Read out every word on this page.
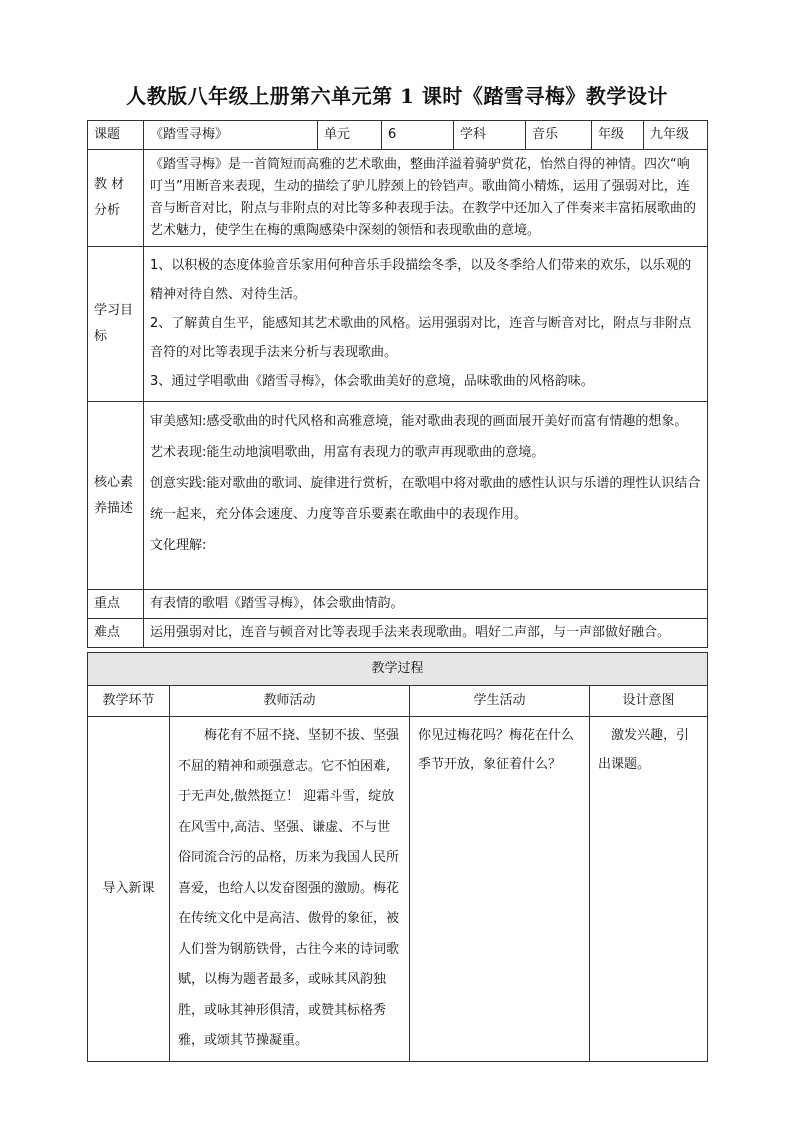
人教版八年级上册第六单元第 1 课时《踏雪寻梅》教学设计
课题	《踏雪寻梅》	单元	6	学科	音乐	年级	九年级
教 材分析	《踏雪寻梅》是一首简短而高雅的艺术歌曲，整曲洋溢着骑驴赏花，怡然自得的神情。四次“响叮当”用断音来表现，生动的描绘了驴儿脖颈上的铃铛声。歌曲简小精炼，运用了强弱对比，连音与断音对比，附点与非附点的对比等多种表现手法。在教学中还加入了伴奏来丰富拓展歌曲的艺术魅力，使学生在梅的熏陶感染中深刻的领悟和表现歌曲的意境。						
学习目标	1、以积极的态度体验音乐家用何种音乐手段描绘冬季，以及冬季给人们带来的欢乐，以乐观的精神对待自然、对待生活。

2、了解黄自生平，能感知其艺术歌曲的风格。运用强弱对比，连音与断音对比，附点与非附点音符的对比等表现手法来分析与表现歌曲。

3、通过学唱歌曲《踏雪寻梅》，体会歌曲美好的意境，品味歌曲的风格韵味。						

核心素养描述	审美感知:感受歌曲的时代风格和高雅意境，能对歌曲表现的画面展开美好而富有情趣的想象。

艺术表现:能生动地演唱歌曲，用富有表现力的歌声再现歌曲的意境。

创意实践:能对歌曲的歌词、旋律进行赏析，在歌唱中将对歌曲的感性认识与乐谱的理性认识结合统一起来，充分体会速度、力度等音乐要素在歌曲中的表现作用。

文化理解:						

重点	有表情的歌唱《踏雪寻梅》，体会歌曲情韵。						
难点	运用强弱对比，连音与顿音对比等表现手法来表现歌曲。唱好二声部，与一声部做好融合。						
教学过程			
教学环节	教师活动	学生活动	设计意图
导入新课	梅花有不屈不挠、坚韧不拔、坚强不屈的精神和顽强意志。它不怕困难,于无声处,傲然挺立！ 迎霜斗雪，绽放在风雪中,高洁、坚强、谦虚、不与世俗同流合污的品格，历来为我国人民所喜爱，也给人以发奋图强的激励。梅花在传统文化中是高洁、傲骨的象征，被人们誉为钢筋铁骨，古往今来的诗词歌赋，以梅为题者最多，或咏其风韵独胜，或咏其神形俱清，或赞其标格秀雅，或颂其节操凝重。	你见过梅花吗？梅花在什么季节开放，象征着什么？	激发兴趣，引出课题。
